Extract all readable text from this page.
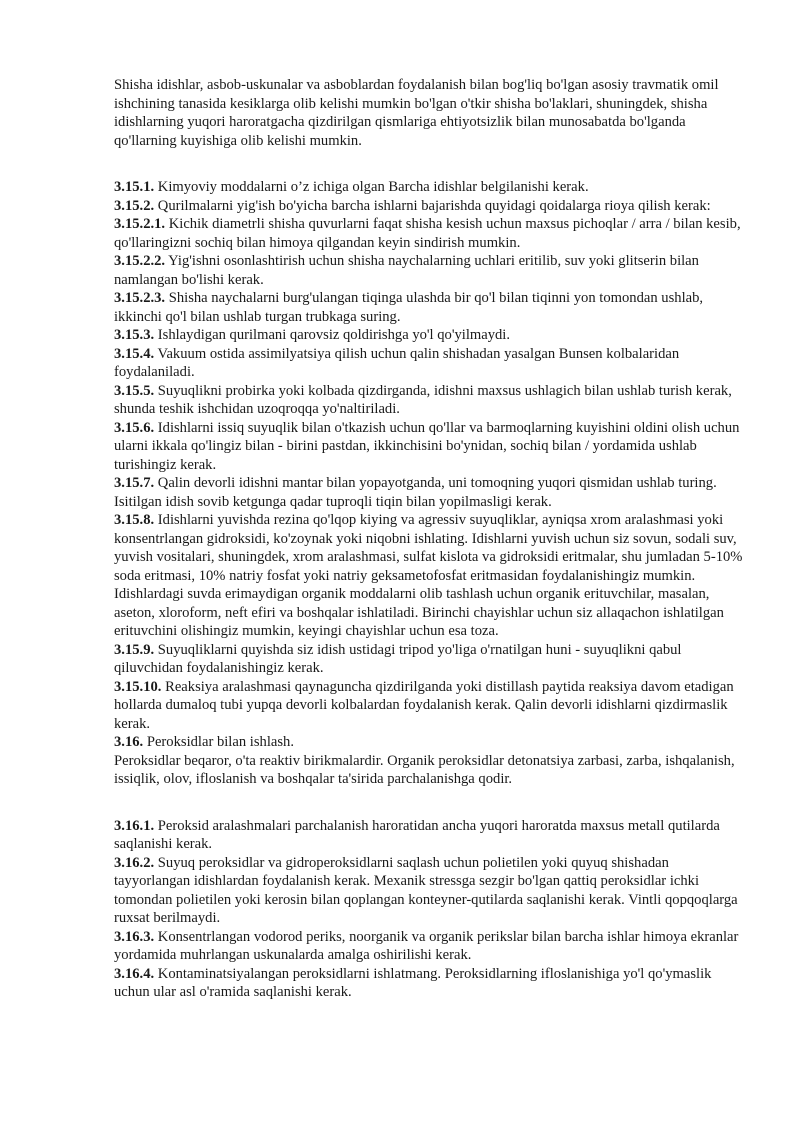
Shisha idishlar, asbob-uskunalar va asboblardan foydalanish bilan bog'liq bo'lgan asosiy travmatik omil ishchining tanasida kesiklarga olib kelishi mumkin bo'lgan o'tkir shisha bo'laklari, shuningdek, shisha idishlarning yuqori haroratgacha qizdirilgan qismlariga ehtiyotsizlik bilan munosabatda bo'lganda qo'llarning kuyishiga olib kelishi mumkin.

3.15.1. Kimyoviy moddalarni o’z ichiga olgan Barcha idishlar belgilanishi kerak.

3.15.2. Qurilmalarni yig'ish bo'yicha barcha ishlarni bajarishda quyidagi qoidalarga rioya qilish kerak:

3.15.2.1. Kichik diametrli shisha quvurlarni faqat shisha kesish uchun maxsus pichoqlar / arra / bilan kesib, qo'llaringizni sochiq bilan himoya qilgandan keyin sindirish mumkin.

3.15.2.2. Yig'ishni osonlashtirish uchun shisha naychalarning uchlari eritilib, suv yoki glitserin bilan namlangan bo'lishi kerak.

3.15.2.3. Shisha naychalarni burg'ulangan tiqinga ulashda bir qo'l bilan tiqinni yon tomondan ushlab, ikkinchi qo'l bilan ushlab turgan trubkaga suring.

3.15.3. Ishlaydigan qurilmani qarovsiz qoldirishga yo'l qo'yilmaydi.

3.15.4. Vakuum ostida assimilyatsiya qilish uchun qalin shishadan yasalgan Bunsen kolbalaridan foydalaniladi.

3.15.5. Suyuqlikni probirka yoki kolbada qizdirganda, idishni maxsus ushlagich bilan ushlab turish kerak, shunda teshik ishchidan uzoqroqqa yo'naltiriladi.

3.15.6. Idishlarni issiq suyuqlik bilan o'tkazish uchun qo'llar va barmoqlarning kuyishini oldini olish uchun ularni ikkala qo'lingiz bilan - birini pastdan, ikkinchisini bo'ynidan, sochiq bilan / yordamida ushlab turishingiz kerak.

3.15.7. Qalin devorli idishni mantar bilan yopayotganda, uni tomoqning yuqori qismidan ushlab turing. Isitilgan idish sovib ketgunga qadar tuproqli tiqin bilan yopilmasligi kerak.

3.15.8. Idishlarni yuvishda rezina qo'lqop kiying va agressiv suyuqliklar, ayniqsa xrom aralashmasi yoki konsentrlangan gidroksidi, ko'zoynak yoki niqobni ishlating. Idishlarni yuvish uchun siz sovun, sodali suv, yuvish vositalari, shuningdek, xrom aralashmasi, sulfat kislota va gidroksidi eritmalar, shu jumladan 5-10% soda eritmasi, 10% natriy fosfat yoki natriy geksametofosfat eritmasidan foydalanishingiz mumkin. Idishlardagi suvda erimaydigan organik moddalarni olib tashlash uchun organik erituvchilar, masalan, aseton, xloroform, neft efiri va boshqalar ishlatiladi. Birinchi chayishlar uchun siz allaqachon ishlatilgan erituvchini olishingiz mumkin, keyingi chayishlar uchun esa toza.

3.15.9. Suyuqliklarni quyishda siz idish ustidagi tripod yo'liga o'rnatilgan huni - suyuqlikni qabul qiluvchidan foydalanishingiz kerak.

3.15.10. Reaksiya aralashmasi qaynaguncha qizdirilganda yoki distillash paytida reaksiya davom etadigan hollarda dumaloq tubi yupqa devorli kolbalardan foydalanish kerak. Qalin devorli idishlarni qizdirmaslik kerak.

3.16. Peroksidlar bilan ishlash.

Peroksidlar beqaror, o'ta reaktiv birikmalardir. Organik peroksidlar detonatsiya zarbasi, zarba, ishqalanish, issiqlik, olov, ifloslanish va boshqalar ta'sirida parchalanishga qodir.

3.16.1. Peroksid aralashmalari parchalanish haroratidan ancha yuqori haroratda maxsus metall qutilarda saqlanishi kerak.

3.16.2. Suyuq peroksidlar va gidroperoksidlarni saqlash uchun polietilen yoki quyuq shishadan tayyorlangan idishlardan foydalanish kerak. Mexanik stressga sezgir bo'lgan qattiq peroksidlar ichki tomondan polietilen yoki kerosin bilan qoplangan konteyner-qutilarda saqlanishi kerak. Vintli qopqoqlarga ruxsat berilmaydi.

3.16.3. Konsentrlangan vodorod periks, noorganik va organik perikslar bilan barcha ishlar himoya ekranlar yordamida muhrlangan uskunalarda amalga oshirilishi kerak.

3.16.4. Kontaminatsiyalangan peroksidlarni ishlatmang. Peroksidlarning ifloslanishiga yo'l qo'ymaslik uchun ular asl o'ramida saqlanishi kerak.
